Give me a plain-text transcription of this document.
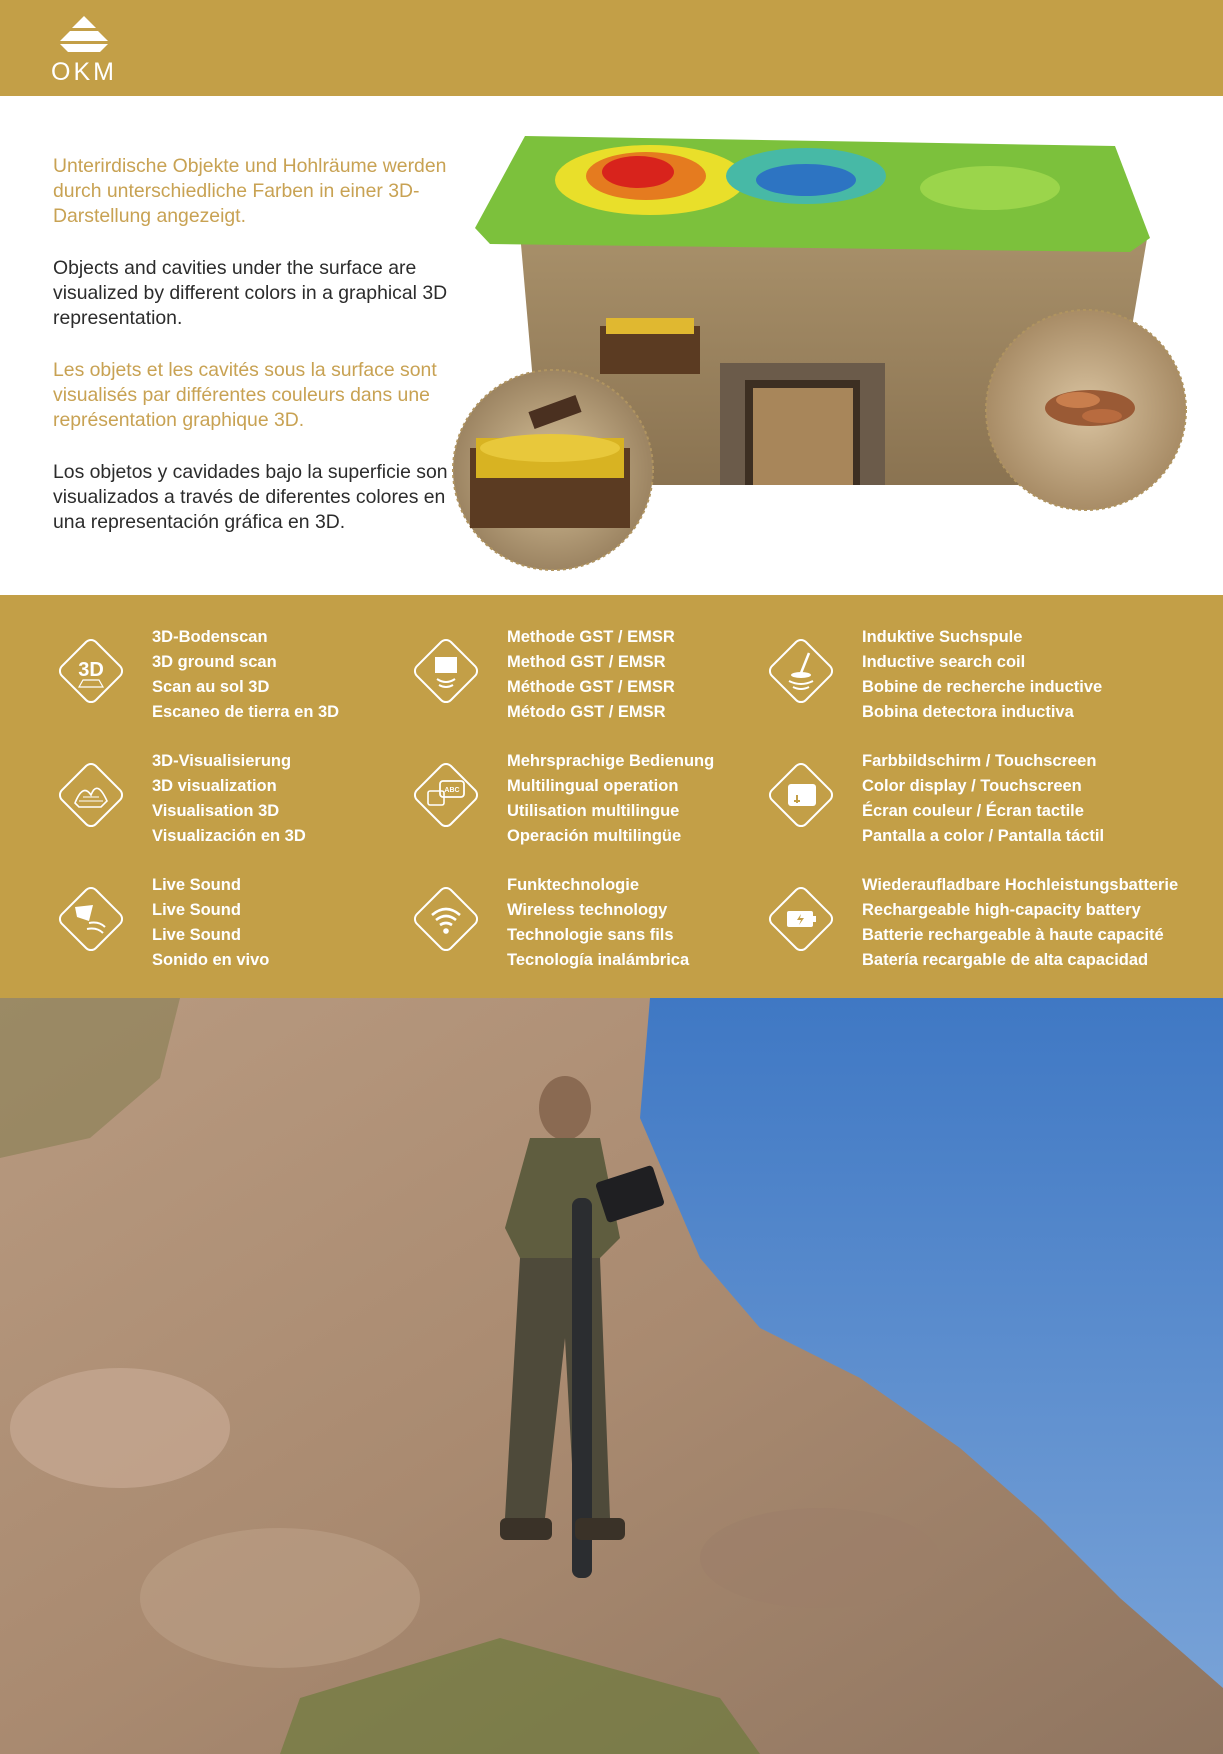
OKM

Unterirdische Objekte und Hohlräume werden durch unterschiedliche Farben in einer 3D-Darstellung angezeigt.

Objects and cavities under the surface are visualized by different colors in a graphical 3D representation.

Les objets et les cavités sous la surface sont visualisés par différentes couleurs dans une représentation graphique 3D.

Los objetos y cavidades bajo la superficie son visualizados a través de diferentes colores en una representación gráfica en 3D.

3D
3D-Bodenscan
3D ground scan
Scan au sol 3D
Escaneo de tierra en 3D
Methode GST / EMSR
Method GST / EMSR
Méthode GST / EMSR
Método GST / EMSR
Induktive Suchspule
Inductive search coil
Bobine de recherche inductive
Bobina detectora inductiva
3D-Visualisierung
3D visualization
Visualisation 3D
Visualización en 3D
ABC
Mehrsprachige Bedienung
Multilingual operation
Utilisation multilingue
Operación multilingüe
Farbbildschirm / Touchscreen
Color display / Touchscreen
Écran couleur / Écran tactile
Pantalla a color / Pantalla táctil
Live Sound
Live Sound
Live Sound
Sonido en vivo
Funktechnologie
Wireless technology
Technologie sans fils
Tecnología inalámbrica
Wiederaufladbare Hochleistungsbatterie
Rechargeable high-capacity battery
Batterie rechargeable à haute capacité
Batería recargable de alta capacidad
